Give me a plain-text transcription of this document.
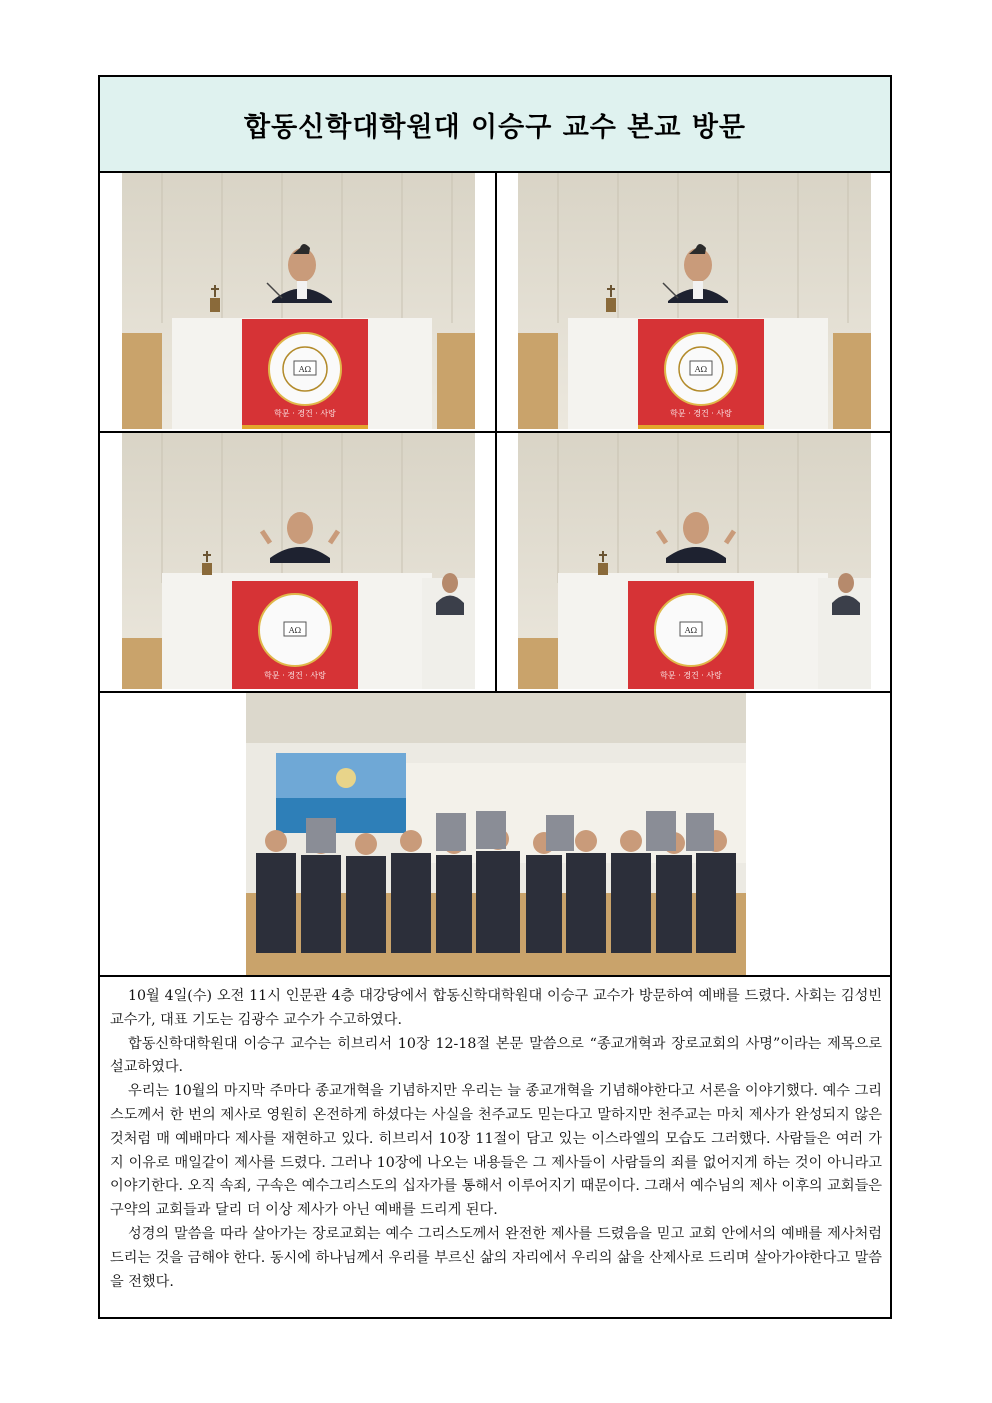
합동신학대학원대 이승구 교수 본교 방문

10월 4일(수) 오전 11시 인문관 4층 대강당에서 합동신학대학원대 이승구 교수가 방문하여 예배를 드렸다. 사회는 김성빈 교수가, 대표 기도는 김광수 교수가 수고하였다.

합동신학대학원대 이승구 교수는 히브리서 10장 12-18절 본문 말씀으로 “종교개혁과 장로교회의 사명”이라는 제목으로 설교하였다.

우리는 10월의 마지막 주마다 종교개혁을 기념하지만 우리는 늘 종교개혁을 기념해야한다고 서론을 이야기했다. 예수 그리스도께서 한 번의 제사로 영원히 온전하게 하셨다는 사실을 천주교도 믿는다고 말하지만 천주교는 마치 제사가 완성되지 않은 것처럼 매 예배마다 제사를 재현하고 있다. 히브리서 10장 11절이 담고 있는 이스라엘의 모습도 그러했다. 사람들은 여러 가지 이유로 매일같이 제사를 드렸다. 그러나 10장에 나오는 내용들은 그 제사들이 사람들의 죄를 없어지게 하는 것이 아니라고 이야기한다. 오직 속죄, 구속은 예수그리스도의 십자가를 통해서 이루어지기 때문이다. 그래서 예수님의 제사 이후의 교회들은 구약의 교회들과 달리 더 이상 제사가 아닌 예배를 드리게 된다.

성경의 말씀을 따라 살아가는 장로교회는 예수 그리스도께서 완전한 제사를 드렸음을 믿고 교회 안에서의 예배를 제사처럼 드리는 것을 금해야 한다. 동시에 하나님께서 우리를 부르신 삶의 자리에서 우리의 삶을 산제사로 드리며 살아가야한다고 말씀을 전했다.
